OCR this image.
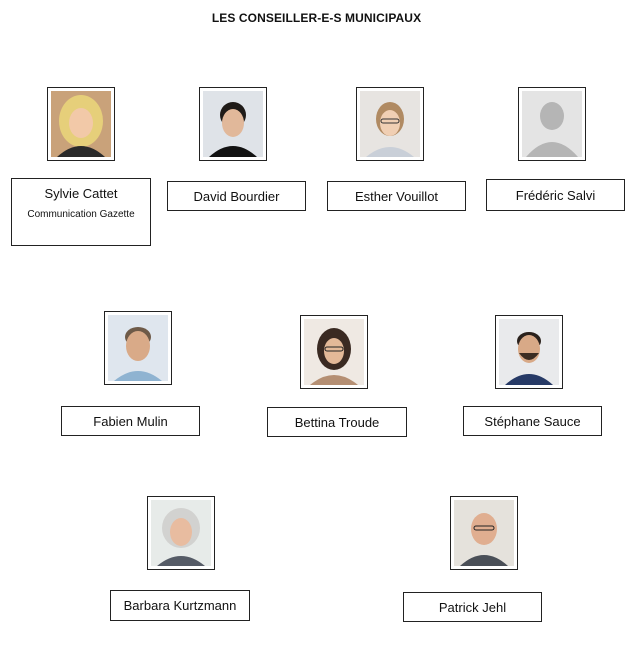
LES CONSEILLER-E-S MUNICIPAUX
Sylvie Cattet
Communication Gazette
David Bourdier	Esther Vouillot	Frédéric Salvi
Fabien Mulin	Bettina Troude	Stéphane Sauce
Barbara Kurtzmann	Patrick Jehl
